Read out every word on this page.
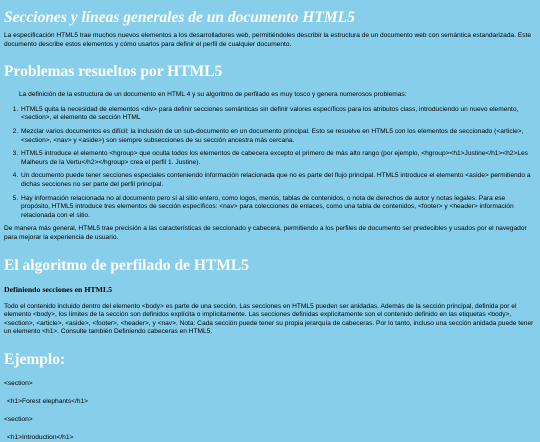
Secciones y líneas generales de un documento HTML5

La especificación HTML5 trae muchos nuevos elementos a los desarrolladores web, permitiéndoles describir la estructura de un documento web con semántica estandarizada. Este documento describe estos elementos y cómo usarlos para definir el perfil de cualquier documento.

Problemas resueltos por HTML5

La definición de la estructura de un documento en HTML 4 y su algoritmo de perfilado es muy tosco y genera numerosos problemas:

1. HTML5 quita la necesidad de elementos <div> para definir secciones semánticas sin definir valores específicos para los atributos class, introduciendo un nuevo elemento, <section>, el elemento de sección HTML
2. Mezclar varios documentos es difícil: la inclusión de un sub-documento en un documento principal. Esto se resuelve en HTML5 con los elementos de seccionado (<article>, <section>, <nav> y <aside>) son siempre subsecciones de su sección ancestra más cercana.
3. HTML5 introduce el elemento <hgroup> que oculta todos los elementos de cabecera excepto el primero de más alto rango (por ejemplo, <hgroup><h1>Justine</h1><h2>Les Malheurs de la Vertu</h2></hgroup> crea el perfil 1. Justine).
4. Un documento puede tener secciones especiales conteniendo información relacionada que no es parte del flujo principal. HTML5 introduce el elemento <aside> permitiendo a dichas secciones no ser parte del perfil principal.
5. Hay información relacionada no al documento pero sí al sitio entero, como logos, menús, tablas de contenidos, o nota de derechos de autor y notas legales. Para ese propósito, HTML5 introduce tres elementos de sección específicos: <nav> para colecciones de enlaces, como una tabla de contenidos, <footer> y <header> información relacionada con el sitio.

De manera más general, HTML5 trae precisión a las características de seccionado y cabecera, permitiendo a los perfiles de documento ser predecibles y usados por el navegador para mejorar la experiencia de usuario.

El algoritmo de perfilado de HTML5
Definiendo secciones en HTML5

Todo el contenido incluido dentro del elemento <body> es parte de una sección. Las secciones en HTML5 pueden ser anidadas. Además de la sección principal, definida por el elemento <body>, los límites de la sección son definidos explícita o implícitamente. Las secciones definidas explícitamente son el contenido definido en las etiquetas <body>, <section>, <article>, <aside>, <footer>, <header>, y <nav>. Nota: Cada sección puede tener su propia jerarquía de cabeceras. Por lo tanto, incluso una sección anidada puede tener un elemento <h1>. Consulte también Definiendo cabeceras en HTML5.

Ejemplo:

<section>

<h1>Forest elephants</h1>

<section>

<h1>Introduction</h1>
